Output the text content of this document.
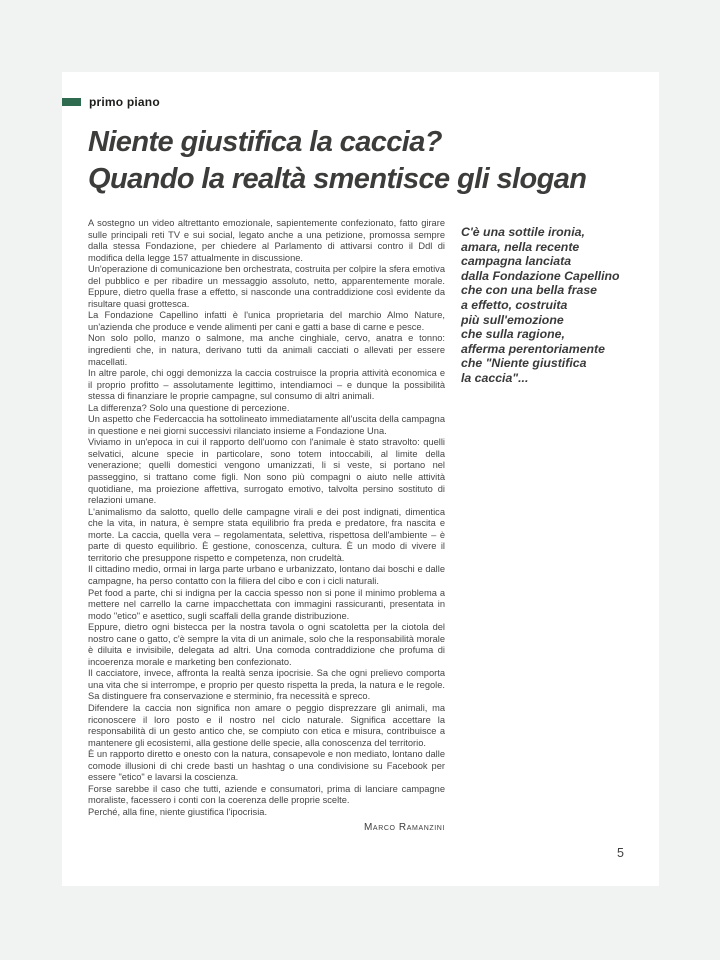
primo piano
Niente giustifica la caccia?
Quando la realtà smentisce gli slogan

A sostegno un video altrettanto emozionale, sapientemente confezionato, fatto girare sulle principali reti TV e sui social, legato anche a una petizione, promossa sempre dalla stessa Fondazione, per chiedere al Parlamento di attivarsi contro il Ddl di modifica della legge 157 attualmente in discussione.

Un'operazione di comunicazione ben orchestrata, costruita per colpire la sfera emotiva del pubblico e per ribadire un messaggio assoluto, netto, apparentemente morale. Eppure, dietro quella frase a effetto, si nasconde una contraddizione così evidente da risultare quasi grottesca.

La Fondazione Capellino infatti è l'unica proprietaria del marchio Almo Nature, un'azienda che produce e vende alimenti per cani e gatti a base di carne e pesce.

Non solo pollo, manzo o salmone, ma anche cinghiale, cervo, anatra e tonno: ingredienti che, in natura, derivano tutti da animali cacciati o allevati per essere macellati.

In altre parole, chi oggi demonizza la caccia costruisce la propria attività economica e il proprio profitto – assolutamente legittimo, intendiamoci – e dunque la possibilità stessa di finanziare le proprie campagne, sul consumo di altri animali.

La differenza? Solo una questione di percezione.

Un aspetto che Federcaccia ha sottolineato immediatamente all'uscita della campagna in questione e nei giorni successivi rilanciato insieme a Fondazione Una.

Viviamo in un'epoca in cui il rapporto dell'uomo con l'animale è stato stravolto: quelli selvatici, alcune specie in particolare, sono totem intoccabili, al limite della venerazione; quelli domestici vengono umanizzati, li si veste, si portano nel passeggino, si trattano come figli. Non sono più compagni o aiuto nelle attività quotidiane, ma proiezione affettiva, surrogato emotivo, talvolta persino sostituto di relazioni umane.

L'animalismo da salotto, quello delle campagne virali e dei post indignati, dimentica che la vita, in natura, è sempre stata equilibrio fra preda e predatore, fra nascita e morte. La caccia, quella vera – regolamentata, selettiva, rispettosa dell'ambiente – è parte di questo equilibrio. È gestione, conoscenza, cultura. È un modo di vivere il territorio che presuppone rispetto e competenza, non crudeltà.

Il cittadino medio, ormai in larga parte urbano e urbanizzato, lontano dai boschi e dalle campagne, ha perso contatto con la filiera del cibo e con i cicli naturali.

Pet food a parte, chi si indigna per la caccia spesso non si pone il minimo problema a mettere nel carrello la carne impacchettata con immagini rassicuranti, presentata in modo "etico" e asettico, sugli scaffali della grande distribuzione.

Eppure, dietro ogni bistecca per la nostra tavola o ogni scatoletta per la ciotola del nostro cane o gatto, c'è sempre la vita di un animale, solo che la responsabilità morale è diluita e invisibile, delegata ad altri. Una comoda contraddizione che profuma di incoerenza morale e marketing ben confezionato.

Il cacciatore, invece, affronta la realtà senza ipocrisie. Sa che ogni prelievo comporta una vita che si interrompe, e proprio per questo rispetta la preda, la natura e le regole. Sa distinguere fra conservazione e sterminio, fra necessità e spreco.

Difendere la caccia non significa non amare o peggio disprezzare gli animali, ma riconoscere il loro posto e il nostro nel ciclo naturale. Significa accettare la responsabilità di un gesto antico che, se compiuto con etica e misura, contribuisce a mantenere gli ecosistemi, alla gestione delle specie, alla conoscenza del territorio.

È un rapporto diretto e onesto con la natura, consapevole e non mediato, lontano dalle comode illusioni di chi crede basti un hashtag o una condivisione su Facebook per essere "etico" e lavarsi la coscienza.

Forse sarebbe il caso che tutti, aziende e consumatori, prima di lanciare campagne moraliste, facessero i conti con la coerenza delle proprie scelte.

Perché, alla fine, niente giustifica l'ipocrisia.

Marco Ramanzini
C'è una sottile ironia,
amara, nella recente
campagna lanciata
dalla Fondazione Capellino
che con una bella frase
a effetto, costruita
più sull'emozione
che sulla ragione,
afferma perentoriamente
che "Niente giustifica
la caccia"...
5
